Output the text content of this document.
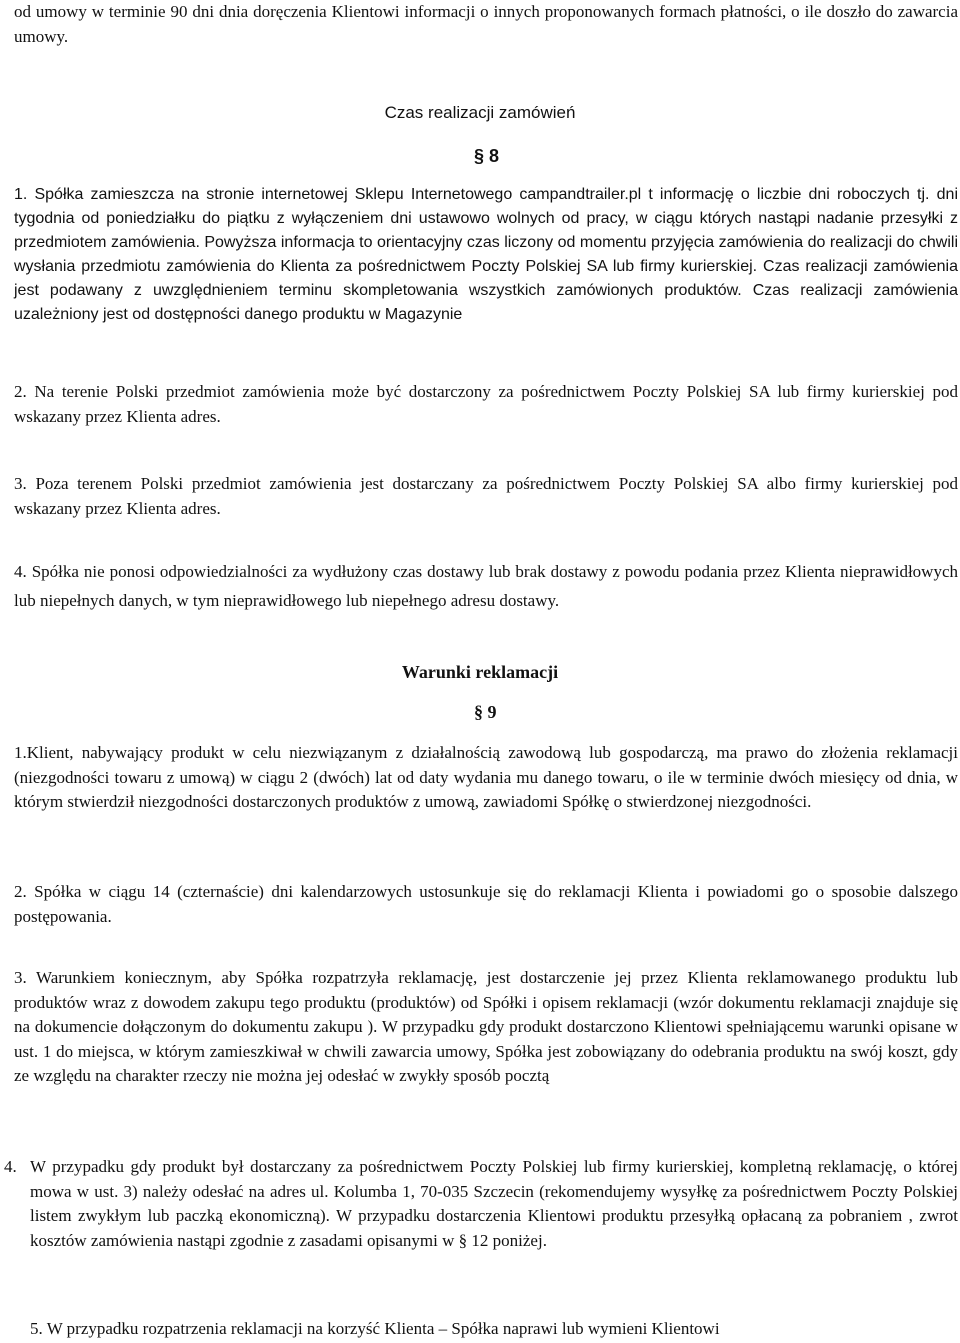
od umowy w terminie 90 dni dnia doręczenia Klientowi informacji o innych proponowanych formach płatności, o ile doszło do zawarcia umowy.

Czas realizacji zamówień

§ 8

1. Spółka zamieszcza na stronie internetowej Sklepu Internetowego campandtrailer.pl t informację o liczbie dni roboczych tj. dni tygodnia od poniedziałku do piątku z wyłączeniem dni ustawowo wolnych od pracy, w ciągu których nastąpi nadanie przesyłki z przedmiotem zamówienia. Powyższa informacja to orientacyjny czas liczony od momentu przyjęcia zamówienia do realizacji do chwili wysłania przedmiotu zamówienia do Klienta za pośrednictwem Poczty Polskiej SA lub firmy kurierskiej. Czas realizacji zamówienia jest podawany z uwzględnieniem terminu skompletowania wszystkich zamówionych produktów. Czas realizacji zamówienia uzależniony jest od dostępności danego produktu w Magazynie

2. Na terenie Polski przedmiot zamówienia może być dostarczony za pośrednictwem Poczty Polskiej SA lub firmy kurierskiej pod wskazany przez Klienta adres.

3. Poza terenem Polski przedmiot zamówienia jest dostarczany za pośrednictwem Poczty Polskiej SA albo firmy kurierskiej pod wskazany przez Klienta adres.

4. Spółka nie ponosi odpowiedzialności za wydłużony czas dostawy lub brak dostawy z powodu podania przez Klienta nieprawidłowych lub niepełnych danych, w tym nieprawidłowego lub niepełnego adresu dostawy.

Warunki reklamacji

§ 9

1.Klient, nabywający produkt w celu niezwiązanym z działalnością zawodową lub gospodarczą, ma prawo do złożenia reklamacji (niezgodności towaru z umową) w ciągu 2 (dwóch) lat od daty wydania mu danego towaru, o ile w terminie dwóch miesięcy od dnia, w którym stwierdził niezgodności dostarczonych produktów z umową, zawiadomi Spółkę o stwierdzonej niezgodności.

2. Spółka w ciągu 14 (czternaście) dni kalendarzowych ustosunkuje się do reklamacji Klienta i powiadomi go o sposobie dalszego postępowania.

3. Warunkiem koniecznym, aby Spółka rozpatrzyła reklamację, jest dostarczenie jej przez Klienta reklamowanego produktu lub produktów wraz z dowodem zakupu tego produktu (produktów) od Spółki i opisem reklamacji (wzór dokumentu reklamacji znajduje się na dokumencie dołączonym do dokumentu zakupu ). W przypadku gdy produkt dostarczono Klientowi spełniającemu warunki opisane w ust. 1 do miejsca, w którym zamieszkiwał w chwili zawarcia umowy, Spółka jest zobowiązany do odebrania produktu na swój koszt, gdy ze względu na charakter rzeczy nie można jej odesłać w zwykły sposób pocztą

4. W przypadku gdy produkt był dostarczany za pośrednictwem Poczty Polskiej lub firmy kurierskiej, kompletną reklamację, o której mowa w ust. 3) należy odesłać na adres ul. Kolumba 1, 70-035 Szczecin (rekomendujemy wysyłkę za pośrednictwem Poczty Polskiej listem zwykłym lub paczką ekonomiczną). W przypadku dostarczenia Klientowi produktu przesyłką opłacaną za pobraniem , zwrot kosztów zamówienia nastąpi zgodnie z zasadami opisanymi w § 12 poniżej.

5. W przypadku rozpatrzenia reklamacji na korzyść Klienta – Spółka naprawi lub wymieni Klientowi
